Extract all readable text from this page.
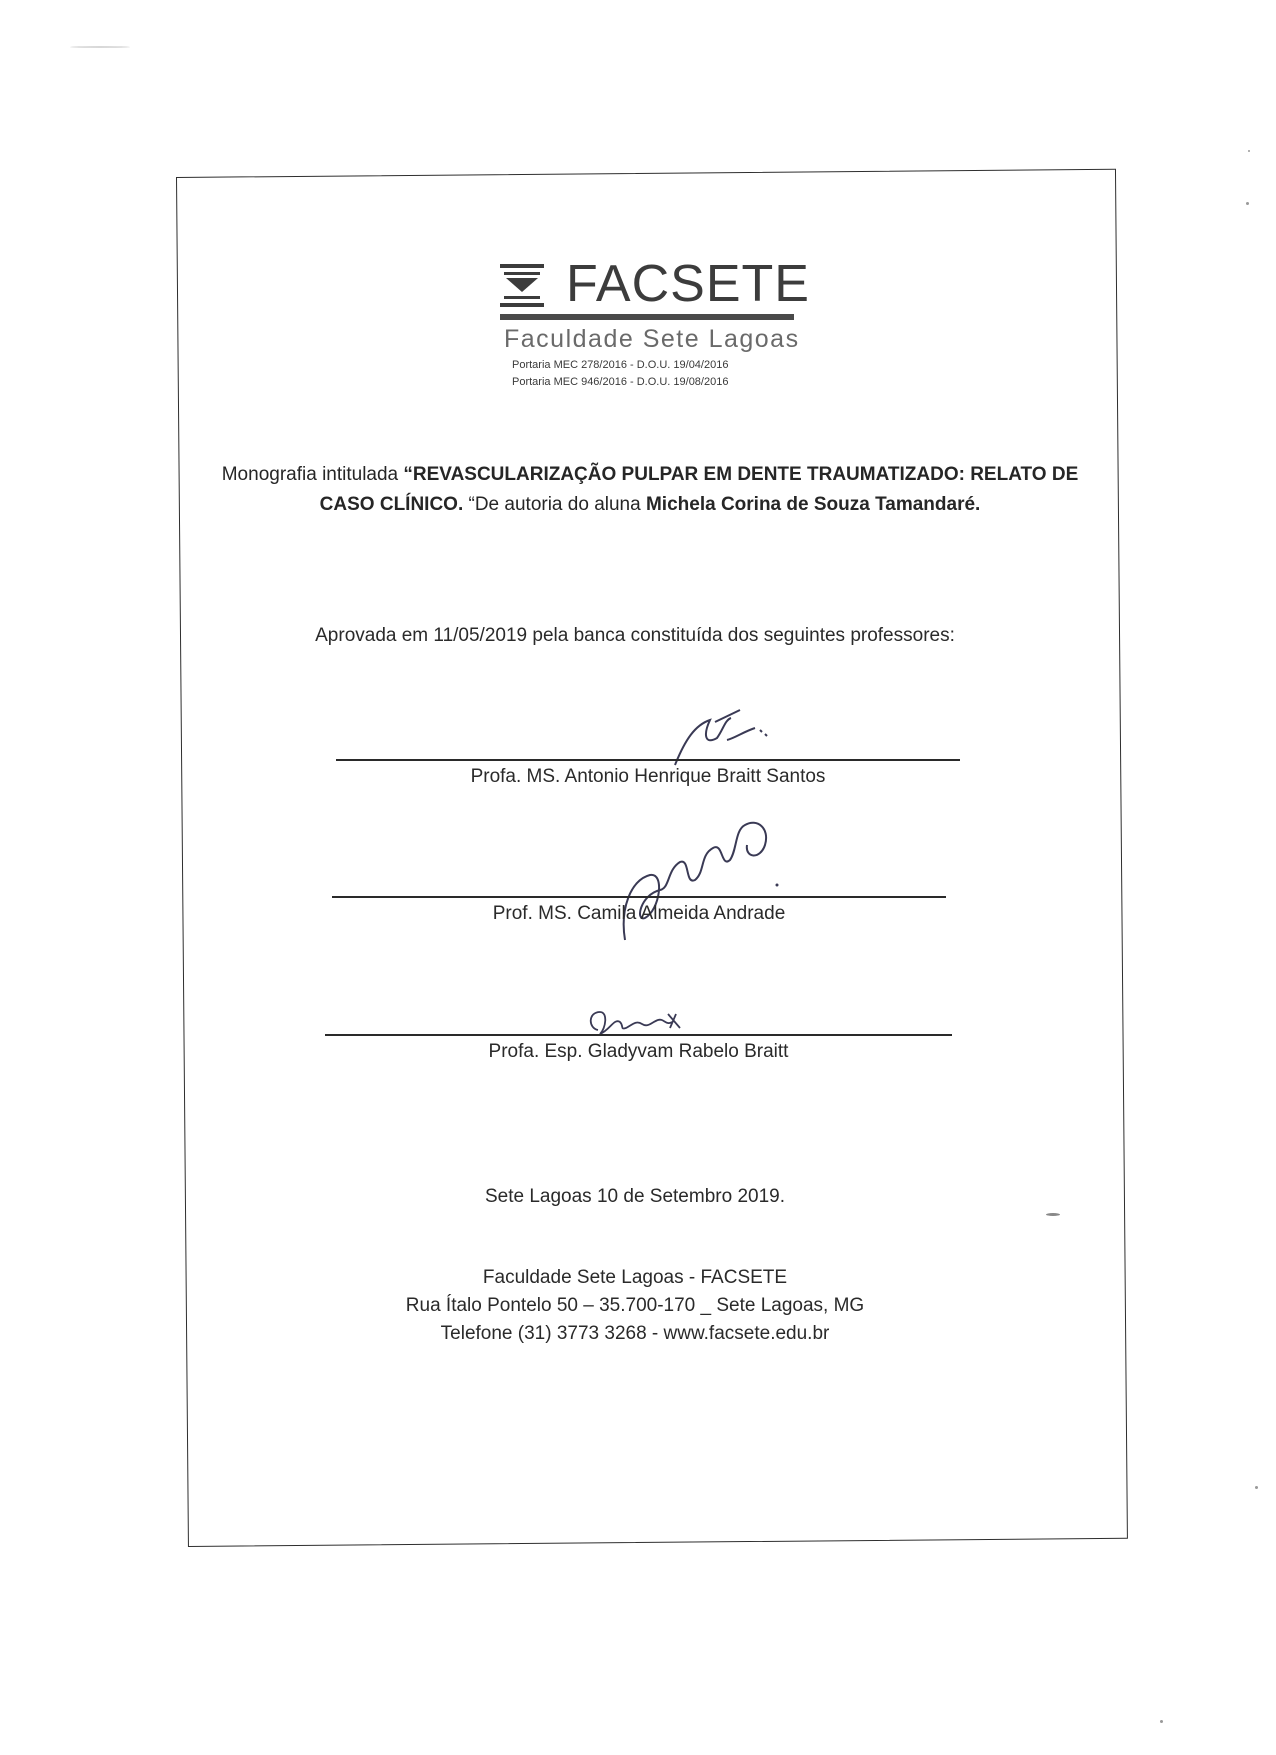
FACSETE
Faculdade Sete Lagoas
Portaria MEC 278/2016 - D.O.U. 19/04/2016
Portaria MEC 946/2016 - D.O.U. 19/08/2016
Monografia intitulada “REVASCULARIZAÇÃO PULPAR EM DENTE TRAUMATIZADO: RELATO DE CASO CLÍNICO. “De autoria do aluna Michela Corina de Souza Tamandaré.
Aprovada em 11/05/2019 pela banca constituída dos seguintes professores:
Profa. MS. Antonio Henrique Braitt Santos
Prof. MS. Camila Almeida Andrade
Profa. Esp. Gladyvam Rabelo Braitt
Sete Lagoas 10 de Setembro 2019.
Faculdade Sete Lagoas - FACSETE
Rua Ítalo Pontelo 50 – 35.700-170 _ Sete Lagoas, MG
Telefone (31) 3773 3268 - www.facsete.edu.br
